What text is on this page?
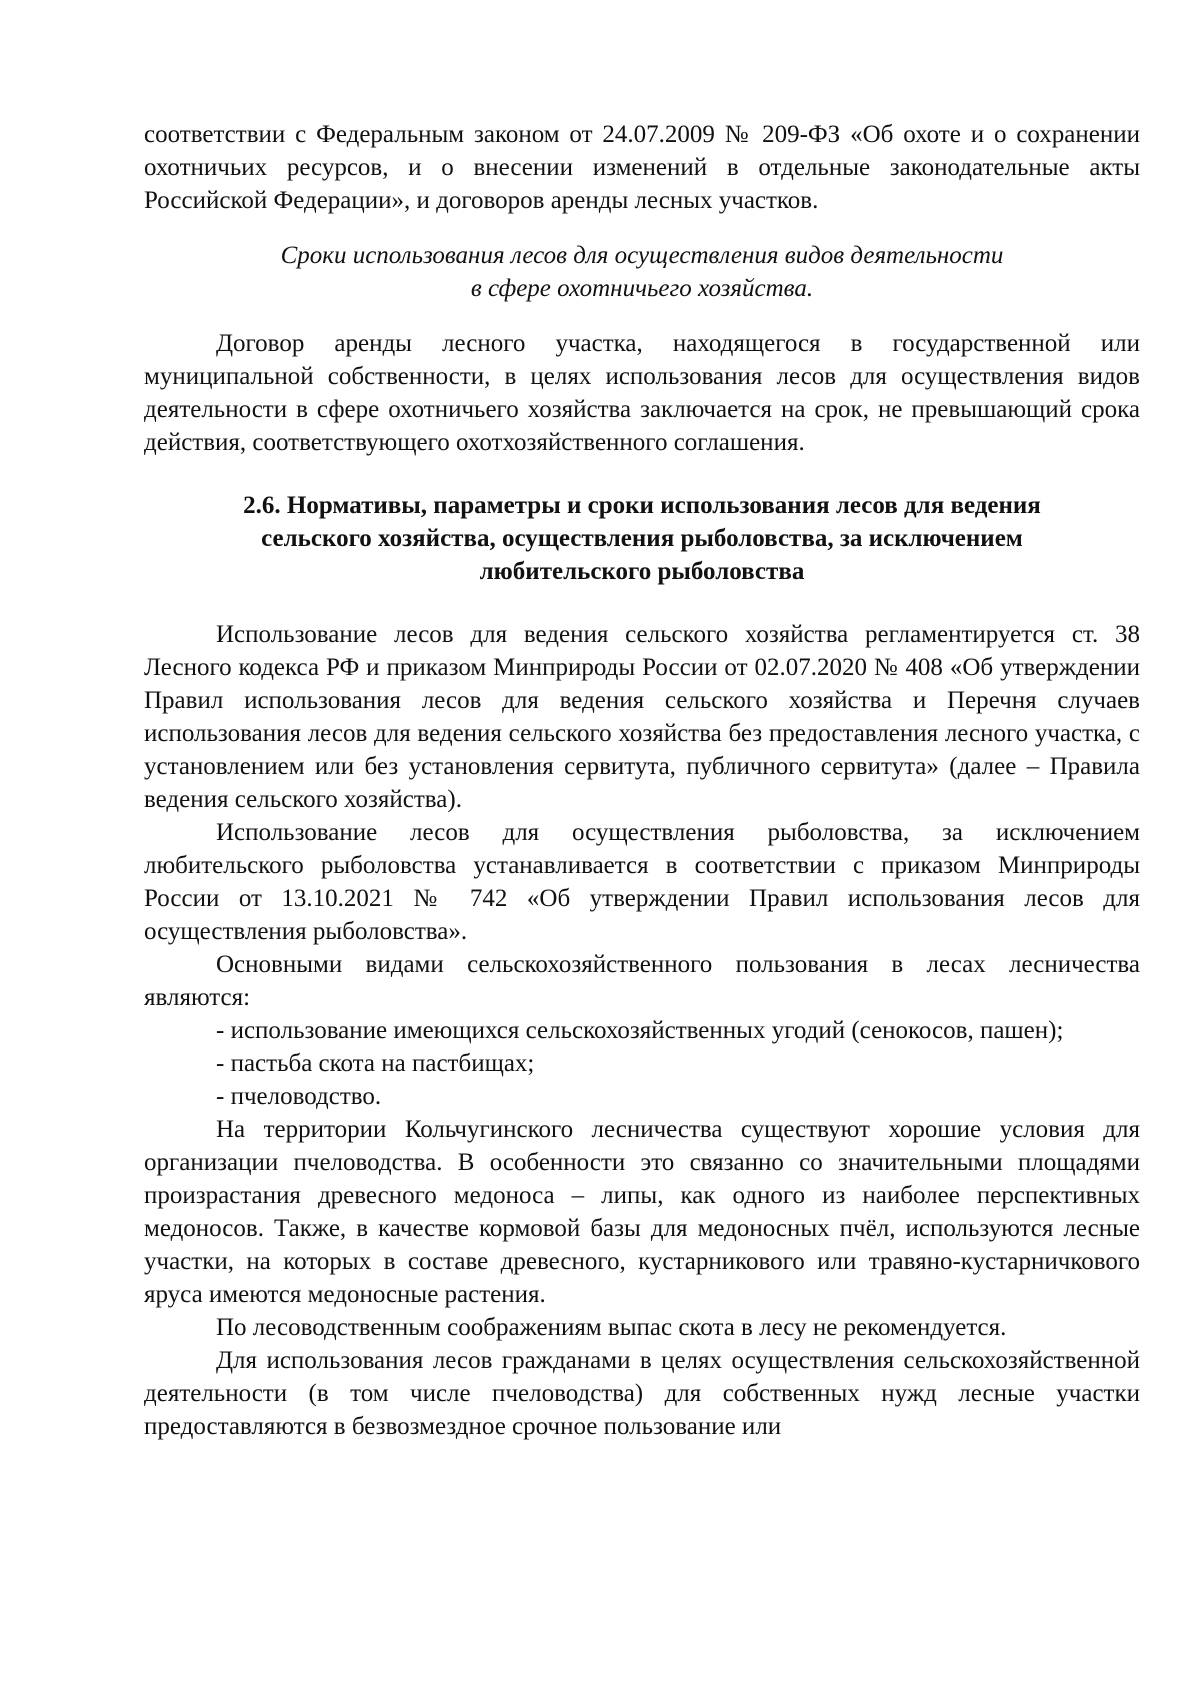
соответствии с Федеральным законом от 24.07.2009 № 209-ФЗ «Об охоте и о сохранении охотничьих ресурсов, и о внесении изменений в отдельные законодательные акты Российской Федерации», и договоров аренды лесных участков.

Сроки использования лесов для осуществления видов деятельности
в сфере охотничьего хозяйства.

Договор аренды лесного участка, находящегося в государственной или муниципальной собственности, в целях использования лесов для осуществления видов деятельности в сфере охотничьего хозяйства заключается на срок, не превышающий срока действия, соответствующего охотхозяйственного соглашения.

2.6. Нормативы, параметры и сроки использования лесов для ведения
сельского хозяйства, осуществления рыболовства, за исключением
любительского рыболовства

Использование лесов для ведения сельского хозяйства регламентируется ст. 38 Лесного кодекса РФ и приказом Минприроды России от 02.07.2020 № 408 «Об утверждении Правил использования лесов для ведения сельского хозяйства и Перечня случаев использования лесов для ведения сельского хозяйства без предоставления лесного участка, с установлением или без установления сервитута, публичного сервитута» (далее – Правила ведения сельского хозяйства).

Использование лесов для осуществления рыболовства, за исключением любительского рыболовства устанавливается в соответствии с приказом Минприроды России от 13.10.2021 № 742 «Об утверждении Правил использования лесов для осуществления рыболовства».

Основными видами сельскохозяйственного пользования в лесах лесничества являются:

- использование имеющихся сельскохозяйственных угодий (сенокосов, пашен);

- пастьба скота на пастбищах;

- пчеловодство.

На территории Кольчугинского лесничества существуют хорошие условия для организации пчеловодства. В особенности это связанно со значительными площадями произрастания древесного медоноса – липы, как одного из наиболее перспективных медоносов. Также, в качестве кормовой базы для медоносных пчёл, используются лесные участки, на которых в составе древесного, кустарникового или травяно-кустарничкового яруса имеются медоносные растения.

По лесоводственным соображениям выпас скота в лесу не рекомендуется.

Для использования лесов гражданами в целях осуществления сельскохозяйственной деятельности (в том числе пчеловодства) для собственных нужд лесные участки предоставляются в безвозмездное срочное пользование или
